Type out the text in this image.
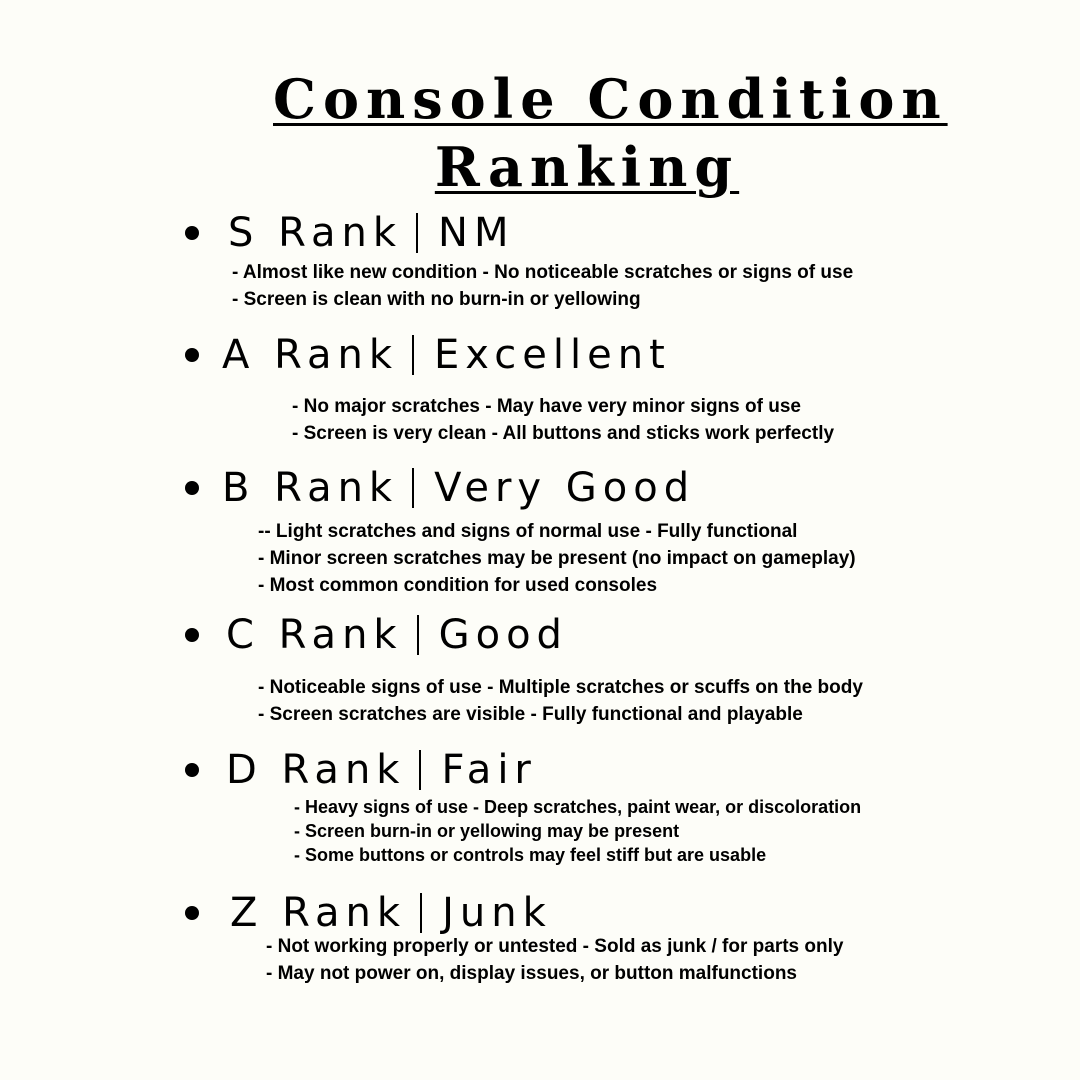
Console Condition
Ranking
S Rank NM
- Almost like new condition - No noticeable scratches or signs of use
- Screen is clean with no burn-in or yellowing
A Rank Excellent
- No major scratches - May have very minor signs of use
- Screen is very clean - All buttons and sticks work perfectly
B Rank Very Good
-- Light scratches and signs of normal use - Fully functional
- Minor screen scratches may be present (no impact on gameplay)
- Most common condition for used consoles
C Rank Good
- Noticeable signs of use - Multiple scratches or scuffs on the body
- Screen scratches are visible - Fully functional and playable
D Rank Fair
- Heavy signs of use - Deep scratches, paint wear, or discoloration
- Screen burn-in or yellowing may be present
- Some buttons or controls may feel stiff but are usable
Z Rank Junk
- Not working properly or untested - Sold as junk / for parts only
- May not power on, display issues, or button malfunctions
